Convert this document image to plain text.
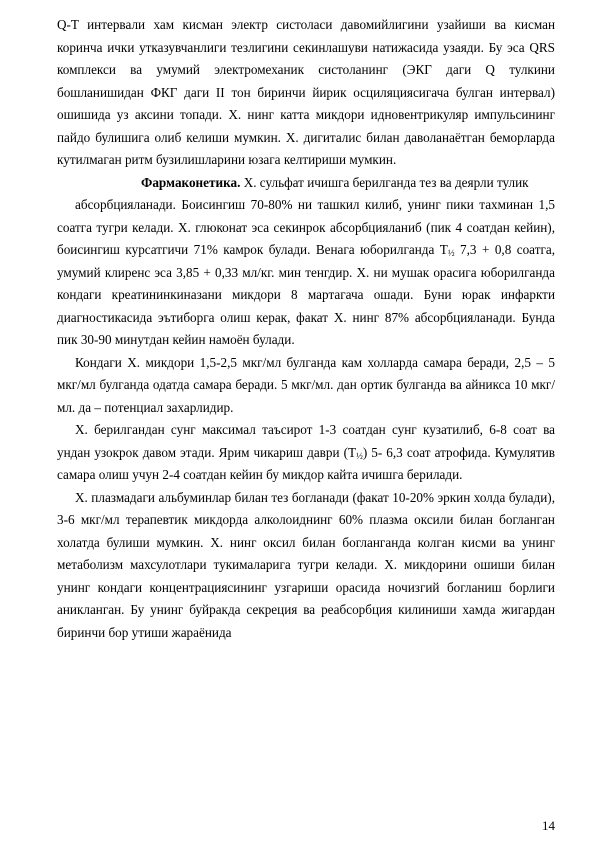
Q-T интервали хам кисман электр систоласи давомийлигини узайиши ва кисман коринча ички утказувчанлиги тезлигини секинлашуви натижасида узаяди. Бу эса QRS комплекси ва умумий электромеханик систоланинг (ЭКГ даги Q тулкини бошланишидан ФКГ даги II тон биринчи йирик осциляциясигача булган интервал) ошишида уз аксини топади. Х. нинг катта микдори идновентрикуляр импульсининг пайдо булишига олиб келиши мумкин. Х. дигиталис билан даволанаётган беморларда кутилмаган ритм бузилишларини юзага келтириши мумкин.

Фармаконетика. Х. сульфат ичишга берилганда тез ва деярли тулик

абсорбцияланади. Боисингиш 70-80% ни ташкил килиб, унинг пики тахминан 1,5 соатга тугри келади. Х. глюконат эса секинрок абсорбцияланиб (пик 4 соатдан кейин), боисингиш курсатгичи 71% камрок булади. Венага юборилганда $Т_{\frac{1}{2}}$ 7,3 + 0,8 соатга, умумий клиренс эса 3,85 + 0,33 мл/кг. мин тенгдир. Х. ни мушак орасига юборилганда кондаги креатининкиназани микдори 8 мартагача ошади. Буни юрак инфаркти диагностикасида эътиборга олиш керак, факат Х. нинг 87% абсорбцияланади. Бунда пик 30-90 минутдан кейин намоён булади.

Кондаги Х. микдори 1,5-2,5 мкг/мл булганда кам холларда самара беради, 2,5 – 5 мкг/мл булганда одатда самара беради. 5 мкг/мл. дан ортик булганда ва айникса 10 мкг/мл. да – потенциал захарлидир.

Х. берилгандан сунг максимал таъсирот 1-3 соатдан сунг кузатилиб, 6-8 соат ва ундан узокрок давом этади. Ярим чикариш даври $(Т_{\frac{1}{2}})$ 5- 6,3 соат атрофида. Кумулятив самара олиш учун 2-4 соатдан кейин бу микдор кайта ичишга берилади.

Х. плазмадаги альбуминлар билан тез богланади (факат 10-20% эркин холда булади), 3-6 мкг/мл терапевтик микдорда алколоиднинг 60% плазма оксили билан богланган холатда булиши мумкин. Х. нинг оксил билан богланганда колган кисми ва унинг метаболизм махсулотлари тукималарига тугри келади. Х. микдорини ошиши билан унинг кондаги концентрациясининг узгариши орасида ночизгий богланиш борлиги аникланган. Бу унинг буйракда секреция ва реабсорбция килиниши хамда жигардан биринчи бор утиши жараёнида

14
